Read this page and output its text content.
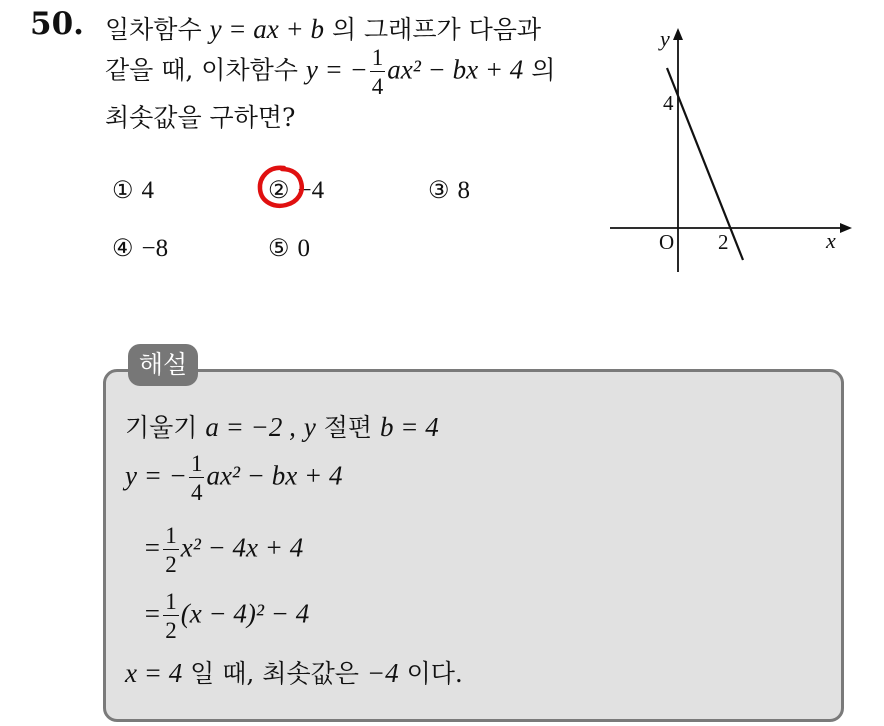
50. 일차함수 y = ax + b 의 그래프가 다음과
같을 때, 이차함수 y = − $\frac{1}{4} ax^2$ − bx + 4 의
최솟값을 구하면?
① 4	② −4	③ 8
④ −8	⑤ 0
y
x
O
4
2
해설
기울기 a = −2 , y 절편 b = 4
y = − $\frac{1}{4} ax^2$ − bx + 4
= $\frac{1}{2} x^2 - 4x + 4$
= $\frac{1}{2} (x - 4)^2 - 4$
x = 4 일 때, 최솟값은 −4 이다.
